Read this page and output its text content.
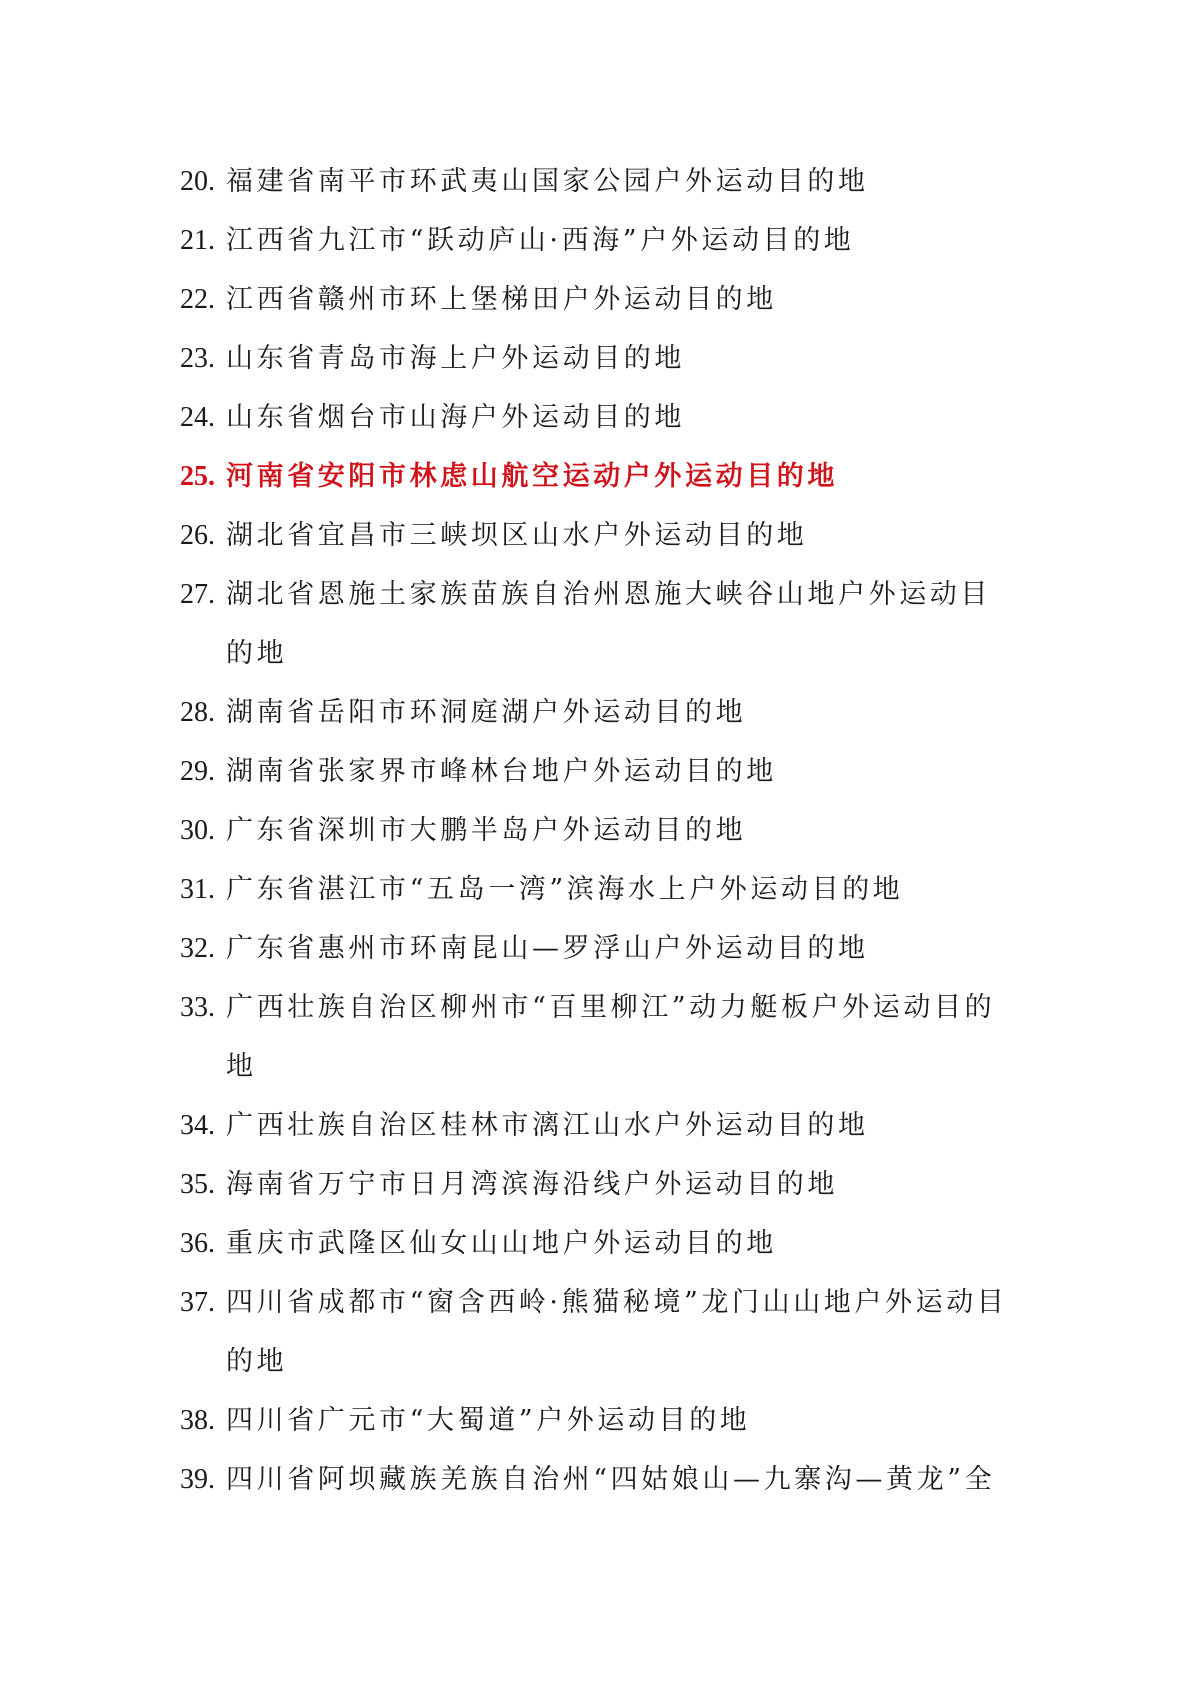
20. 福建省南平市环武夷山国家公园户外运动目的地
21. 江西省九江市“跃动庐山·西海”户外运动目的地
22. 江西省赣州市环上堡梯田户外运动目的地
23. 山东省青岛市海上户外运动目的地
24. 山东省烟台市山海户外运动目的地
25. 河南省安阳市林虑山航空运动户外运动目的地
26. 湖北省宜昌市三峡坝区山水户外运动目的地
27. 湖北省恩施土家族苗族自治州恩施大峡谷山地户外运动目的地
28. 湖南省岳阳市环洞庭湖户外运动目的地
29. 湖南省张家界市峰林台地户外运动目的地
30. 广东省深圳市大鹏半岛户外运动目的地
31. 广东省湛江市“五岛一湾”滨海水上户外运动目的地
32. 广东省惠州市环南昆山—罗浮山户外运动目的地
33. 广西壮族自治区柳州市“百里柳江”动力艇板户外运动目的地
34. 广西壮族自治区桂林市漓江山水户外运动目的地
35. 海南省万宁市日月湾滨海沿线户外运动目的地
36. 重庆市武隆区仙女山山地户外运动目的地
37. 四川省成都市“窗含西岭·熊猫秘境”龙门山山地户外运动目的地
38. 四川省广元市“大蜀道”户外运动目的地
39. 四川省阿坝藏族羌族自治州“四姑娘山—九寨沟—黄龙”全
